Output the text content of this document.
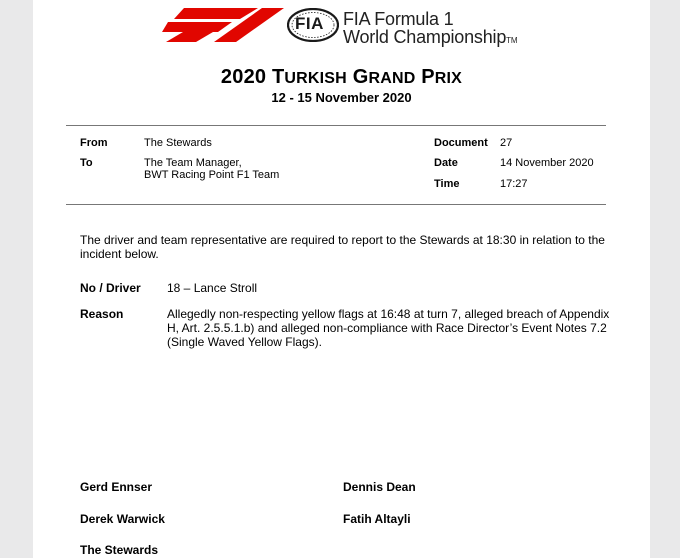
FIA FIA Formula 1
World ChampionshipTM
2020 TURKISH GRAND PRIX
12 - 15 November 2020
From	The Stewards
To	The Team Manager,
BWT Racing Point F1 Team
Document 27
Date	14 November 2020
Time	17:27
The driver and team representative are required to report to the Stewards at 18:30 in relation to the
incident below.
No / Driver 18 – Lance Stroll
Reason	Allegedly non-respecting yellow flags at 16:48 at turn 7, alleged breach of Appendix
H, Art. 2.5.5.1.b) and alleged non-compliance with Race Director’s Event Notes 7.2
(Single Waved Yellow Flags).
Gerd Ennser	Dennis Dean
Derek Warwick	Fatih Altayli
The Stewards
